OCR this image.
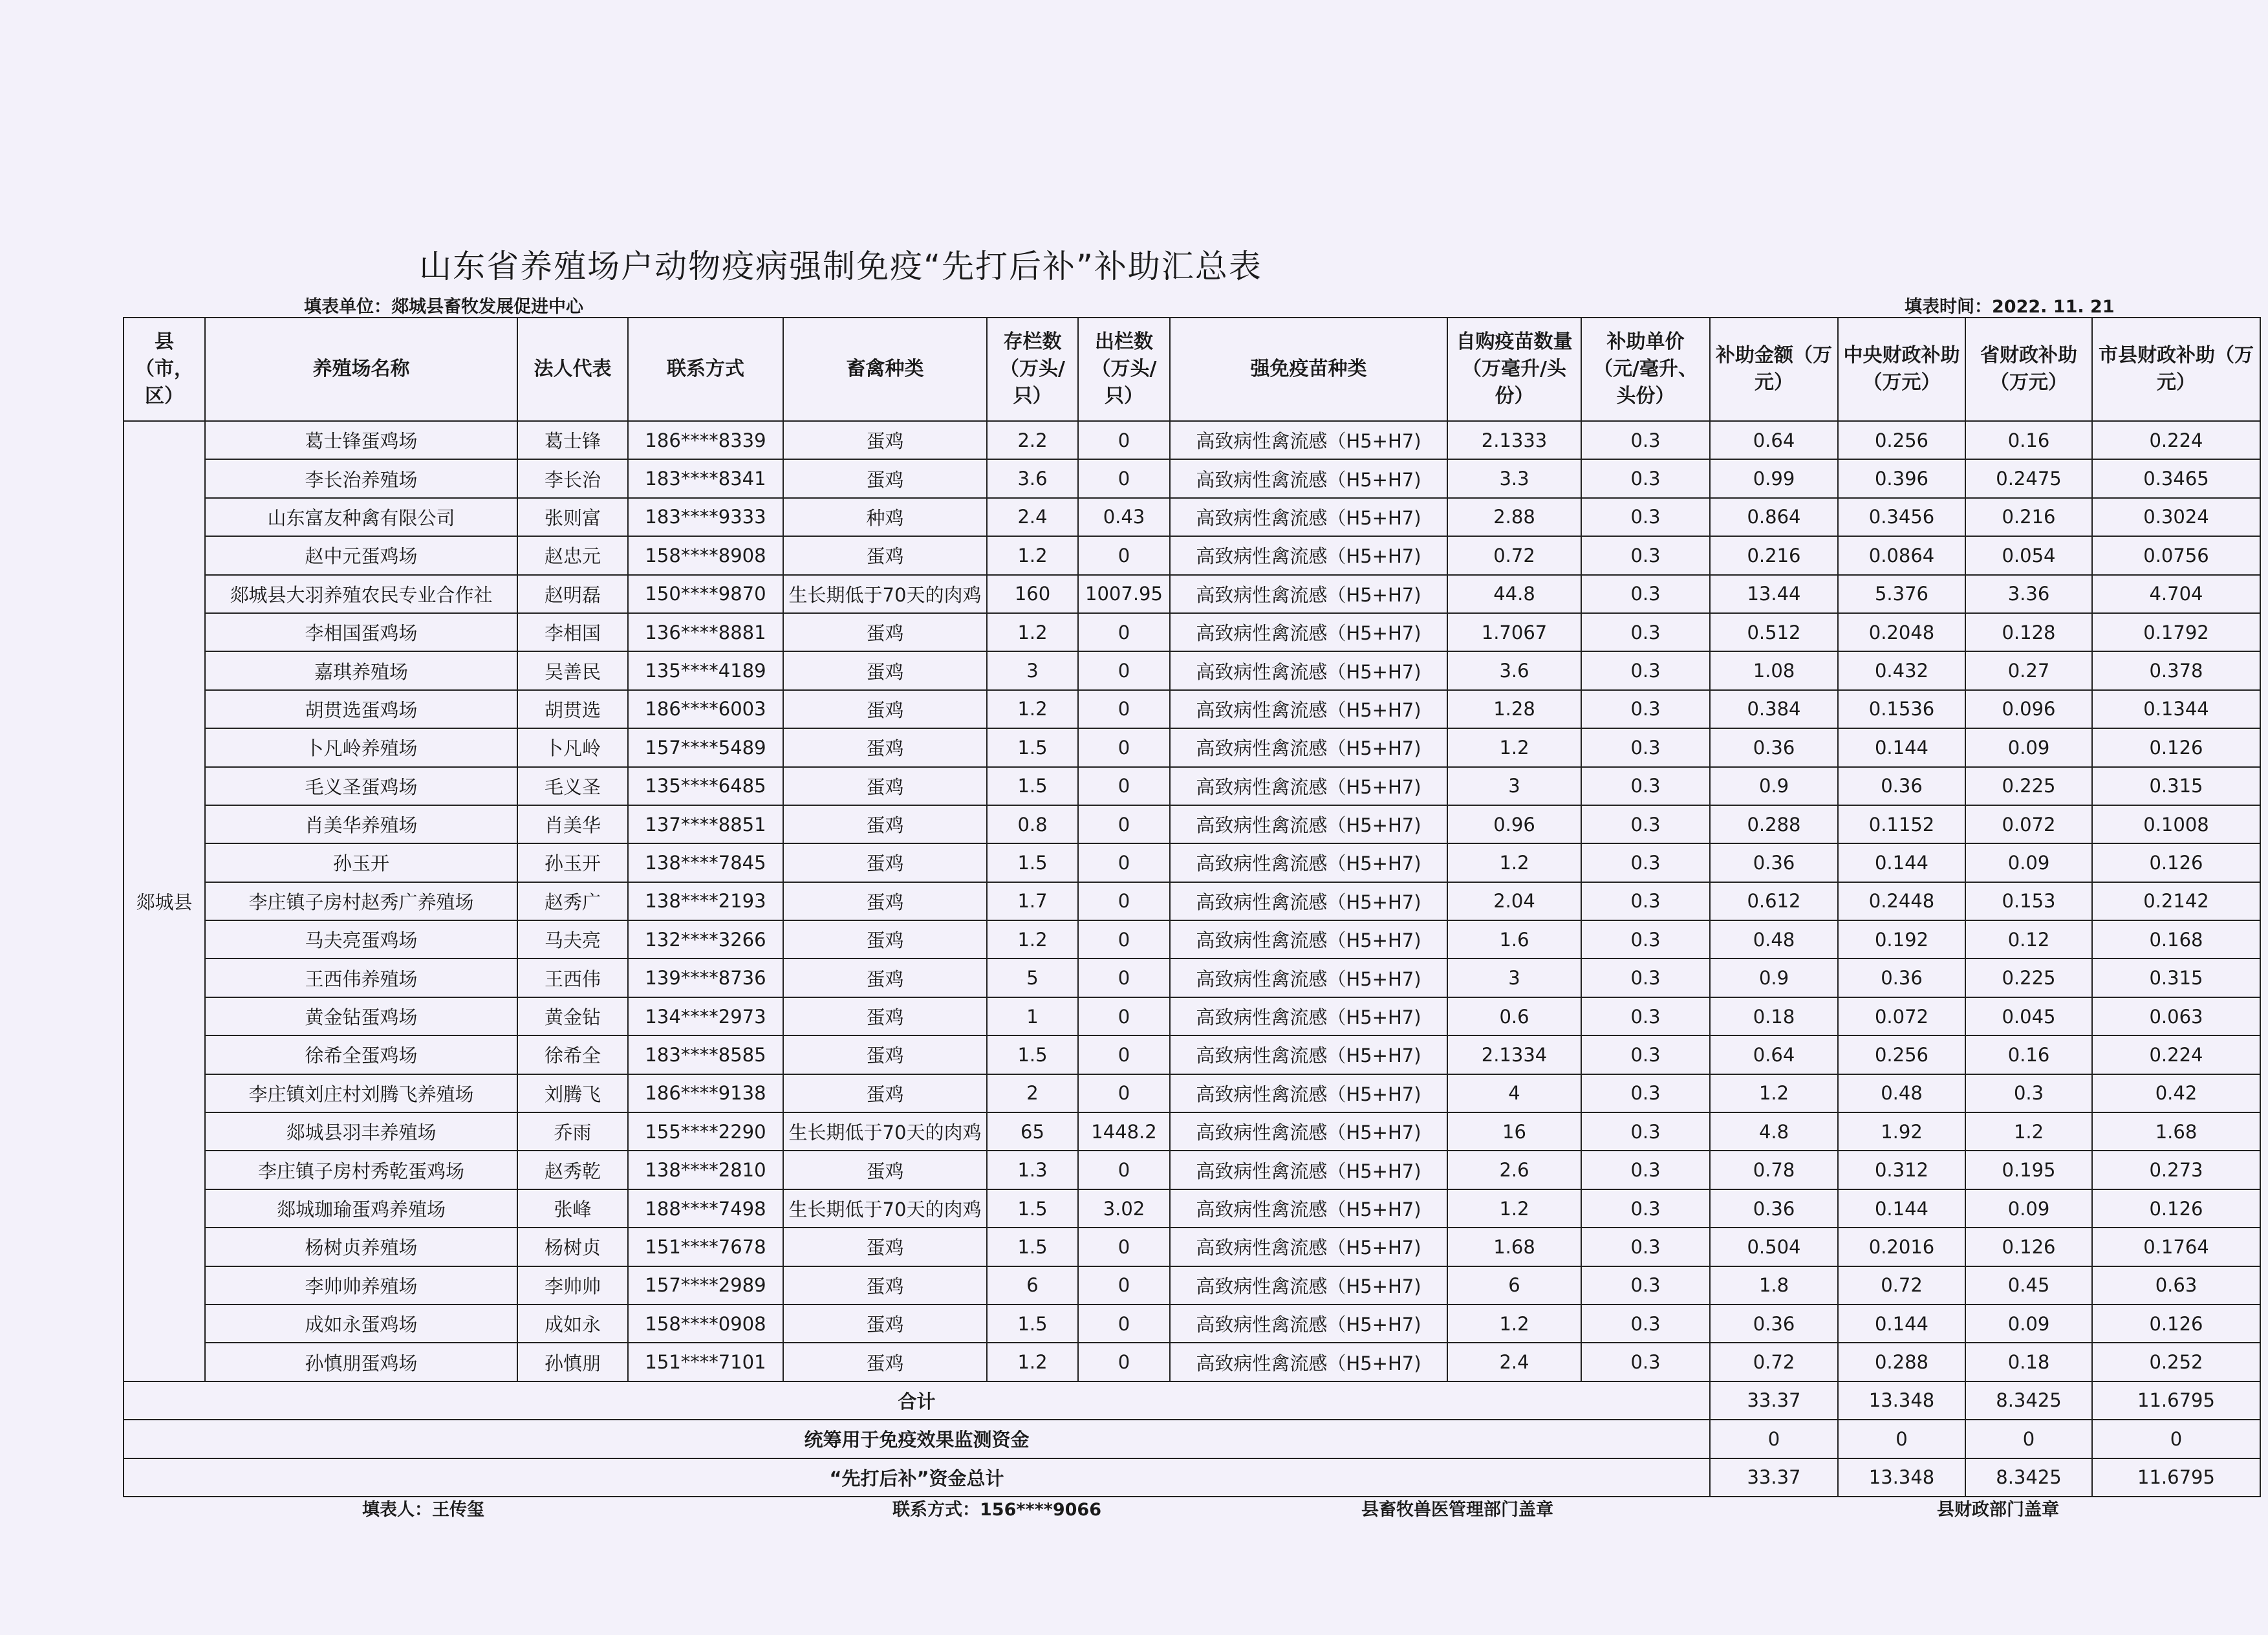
山东省养殖场户动物疫病强制免疫“先打后补”补助汇总表
填表单位：郯城县畜牧发展促进中心	填表时间：2022. 11. 21
县（市，区）	养殖场名称	法人代表	联系方式	畜禽种类	存栏数（万头/只）	出栏数（万头/只）	强免疫苗种类	自购疫苗数量（万毫升/头份）	补助单价（元/毫升、头份）	补助金额（万元）	中央财政补助（万元）	省财政补助（万元）	市县财政补助（万元）
郯城县	葛士锋蛋鸡场	葛士锋	186****8339	蛋鸡	2.2	0	高致病性禽流感（H5+H7)	2.1333	0.3	0.64	0.256	0.16	0.224
	李长治养殖场	李长治	183****8341	蛋鸡	3.6	0	高致病性禽流感（H5+H7)	3.3	0.3	0.99	0.396	0.2475	0.3465
	山东富友种禽有限公司	张则富	183****9333	种鸡	2.4	0.43	高致病性禽流感（H5+H7)	2.88	0.3	0.864	0.3456	0.216	0.3024
	赵中元蛋鸡场	赵忠元	158****8908	蛋鸡	1.2	0	高致病性禽流感（H5+H7)	0.72	0.3	0.216	0.0864	0.054	0.0756
	郯城县大羽养殖农民专业合作社	赵明磊	150****9870	生长期低于70天的肉鸡	160	1007.95	高致病性禽流感（H5+H7)	44.8	0.3	13.44	5.376	3.36	4.704
	李相国蛋鸡场	李相国	136****8881	蛋鸡	1.2	0	高致病性禽流感（H5+H7)	1.7067	0.3	0.512	0.2048	0.128	0.1792
	嘉琪养殖场	吴善民	135****4189	蛋鸡	3	0	高致病性禽流感（H5+H7)	3.6	0.3	1.08	0.432	0.27	0.378
	胡贯选蛋鸡场	胡贯选	186****6003	蛋鸡	1.2	0	高致病性禽流感（H5+H7)	1.28	0.3	0.384	0.1536	0.096	0.1344
	卜凡岭养殖场	卜凡岭	157****5489	蛋鸡	1.5	0	高致病性禽流感（H5+H7)	1.2	0.3	0.36	0.144	0.09	0.126
	毛义圣蛋鸡场	毛义圣	135****6485	蛋鸡	1.5	0	高致病性禽流感（H5+H7)	3	0.3	0.9	0.36	0.225	0.315
	肖美华养殖场	肖美华	137****8851	蛋鸡	0.8	0	高致病性禽流感（H5+H7)	0.96	0.3	0.288	0.1152	0.072	0.1008
	孙玉开	孙玉开	138****7845	蛋鸡	1.5	0	高致病性禽流感（H5+H7)	1.2	0.3	0.36	0.144	0.09	0.126
	李庄镇子房村赵秀广养殖场	赵秀广	138****2193	蛋鸡	1.7	0	高致病性禽流感（H5+H7)	2.04	0.3	0.612	0.2448	0.153	0.2142
	马夫亮蛋鸡场	马夫亮	132****3266	蛋鸡	1.2	0	高致病性禽流感（H5+H7)	1.6	0.3	0.48	0.192	0.12	0.168
	王西伟养殖场	王西伟	139****8736	蛋鸡	5	0	高致病性禽流感（H5+H7)	3	0.3	0.9	0.36	0.225	0.315
	黄金钻蛋鸡场	黄金钻	134****2973	蛋鸡	1	0	高致病性禽流感（H5+H7)	0.6	0.3	0.18	0.072	0.045	0.063
	徐希全蛋鸡场	徐希全	183****8585	蛋鸡	1.5	0	高致病性禽流感（H5+H7)	2.1334	0.3	0.64	0.256	0.16	0.224
	李庄镇刘庄村刘腾飞养殖场	刘腾飞	186****9138	蛋鸡	2	0	高致病性禽流感（H5+H7)	4	0.3	1.2	0.48	0.3	0.42
	郯城县羽丰养殖场	乔雨	155****2290	生长期低于70天的肉鸡	65	1448.2	高致病性禽流感（H5+H7)	16	0.3	4.8	1.92	1.2	1.68
	李庄镇子房村秀乾蛋鸡场	赵秀乾	138****2810	蛋鸡	1.3	0	高致病性禽流感（H5+H7)	2.6	0.3	0.78	0.312	0.195	0.273
	郯城珈瑜蛋鸡养殖场	张峰	188****7498	生长期低于70天的肉鸡	1.5	3.02	高致病性禽流感（H5+H7)	1.2	0.3	0.36	0.144	0.09	0.126
	杨树贞养殖场	杨树贞	151****7678	蛋鸡	1.5	0	高致病性禽流感（H5+H7)	1.68	0.3	0.504	0.2016	0.126	0.1764
	李帅帅养殖场	李帅帅	157****2989	蛋鸡	6	0	高致病性禽流感（H5+H7)	6	0.3	1.8	0.72	0.45	0.63
	成如永蛋鸡场	成如永	158****0908	蛋鸡	1.5	0	高致病性禽流感（H5+H7)	1.2	0.3	0.36	0.144	0.09	0.126
	孙慎朋蛋鸡场	孙慎朋	151****7101	蛋鸡	1.2	0	高致病性禽流感（H5+H7)	2.4	0.3	0.72	0.288	0.18	0.252
合计										33.37	13.348	8.3425	11.6795
统筹用于免疫效果监测资金										0	0	0	0
“先打后补”资金总计										33.37	13.348	8.3425	11.6795
填表人：王传玺	联系方式：156****9066	县畜牧兽医管理部门盖章	县财政部门盖章
